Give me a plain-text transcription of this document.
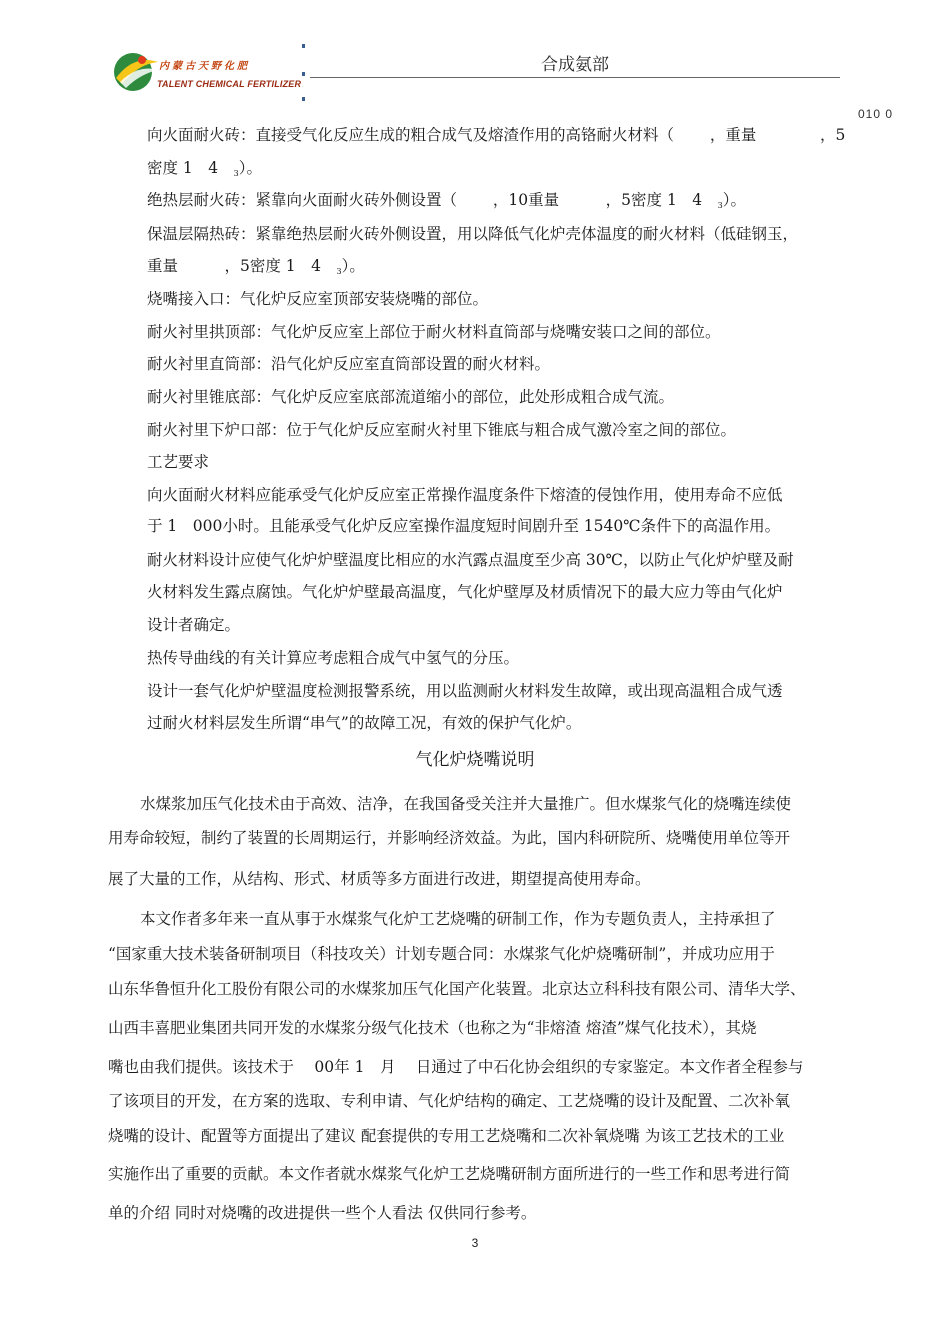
内蒙古天野化肥
TALENT CHEMICAL FERTILIZER
合成氨部
010 0
向火面耐火砖：直接受气化反应生成的粗合成气及熔渣作用的高铬耐火材料（　　 ，重量	，5
密度 1　4　$_3$）。
绝热层耐火砖：紧靠向火面耐火砖外侧设置（　　 ，10重量　　　，5密度 1　4　$_3$）。
保温层隔热砖：紧靠绝热层耐火砖外侧设置，用以降低气化炉壳体温度的耐火材料（低硅钢玉，
重量　　　，5密度 1　4　$_3$）。
烧嘴接入口：气化炉反应室顶部安装烧嘴的部位。
耐火衬里拱顶部：气化炉反应室上部位于耐火材料直筒部与烧嘴安装口之间的部位。
耐火衬里直筒部：沿气化炉反应室直筒部设置的耐火材料。
耐火衬里锥底部：气化炉反应室底部流道缩小的部位，此处形成粗合成气流。
耐火衬里下炉口部：位于气化炉反应室耐火衬里下锥底与粗合成气激冷室之间的部位。
工艺要求
向火面耐火材料应能承受气化炉反应室正常操作温度条件下熔渣的侵蚀作用，使用寿命不应低
于 1　000小时。且能承受气化炉反应室操作温度短时间剧升至 1540℃条件下的高温作用。
耐火材料设计应使气化炉炉壁温度比相应的水汽露点温度至少高 30℃，以防止气化炉炉壁及耐
火材料发生露点腐蚀。气化炉炉壁最高温度，气化炉壁厚及材质情况下的最大应力等由气化炉
设计者确定。
热传导曲线的有关计算应考虑粗合成气中氢气的分压。
设计一套气化炉炉壁温度检测报警系统，用以监测耐火材料发生故障，或出现高温粗合成气透
过耐火材料层发生所谓“串气”的故障工况，有效的保护气化炉。
气化炉烧嘴说明
水煤浆加压气化技术由于高效、洁净，在我国备受关注并大量推广。但水煤浆气化的烧嘴连续使
用寿命较短，制约了装置的长周期运行，并影响经济效益。为此，国内科研院所、烧嘴使用单位等开
展了大量的工作，从结构、形式、材质等多方面进行改进，期望提高使用寿命。
本文作者多年来一直从事于水煤浆气化炉工艺烧嘴的研制工作，作为专题负责人，主持承担了
“国家重大技术装备研制项目（科技攻关）计划专题合同：水煤浆气化炉烧嘴研制”，并成功应用于
山东华鲁恒升化工股份有限公司的水煤浆加压气化国产化装置。北京达立科科技有限公司、清华大学、
山西丰喜肥业集团共同开发的水煤浆分级气化技术（也称之为“非熔渣 熔渣”煤气化技术），其烧
嘴也由我们提供。该技术于　 00年 1　月　 日通过了中石化协会组织的专家鉴定。本文作者全程参与
了该项目的开发，在方案的选取、专利申请、气化炉结构的确定、工艺烧嘴的设计及配置、二次补氧
烧嘴的设计、配置等方面提出了建议 配套提供的专用工艺烧嘴和二次补氧烧嘴 为该工艺技术的工业
实施作出了重要的贡献。本文作者就水煤浆气化炉工艺烧嘴研制方面所进行的一些工作和思考进行简
单的介绍 同时对烧嘴的改进提供一些个人看法 仅供同行参考。
3
